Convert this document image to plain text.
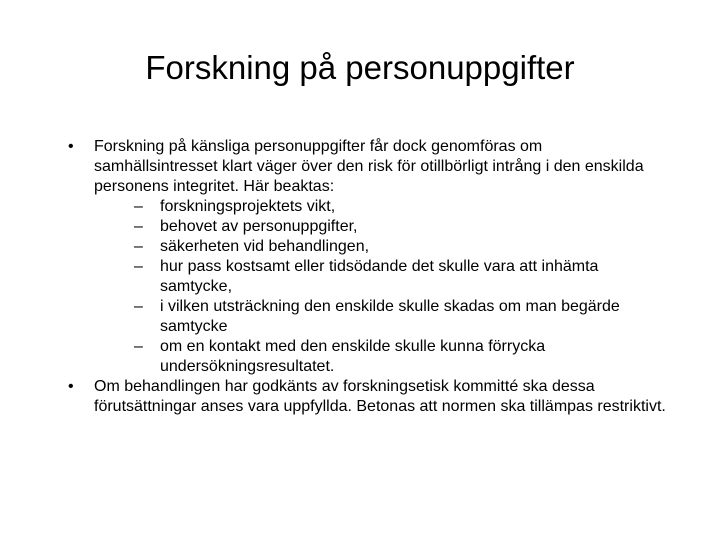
Forskning på personuppgifter
• Forskning på känsliga personuppgifter får dock genomföras om samhällsintresset klart väger över den risk för otillbörligt intrång i den enskilda personens integritet. Här beaktas:
– forskningsprojektets vikt,
– behovet av personuppgifter,
– säkerheten vid behandlingen,
– hur pass kostsamt eller tidsödande det skulle vara att inhämta samtycke,
– i vilken utsträckning den enskilde skulle skadas om man begärde samtycke
– om en kontakt med den enskilde skulle kunna förrycka undersökningsresultatet.
• Om behandlingen har godkänts av forskningsetisk kommitté ska dessa förutsättningar anses vara uppfyllda. Betonas att normen ska tillämpas restriktivt.
